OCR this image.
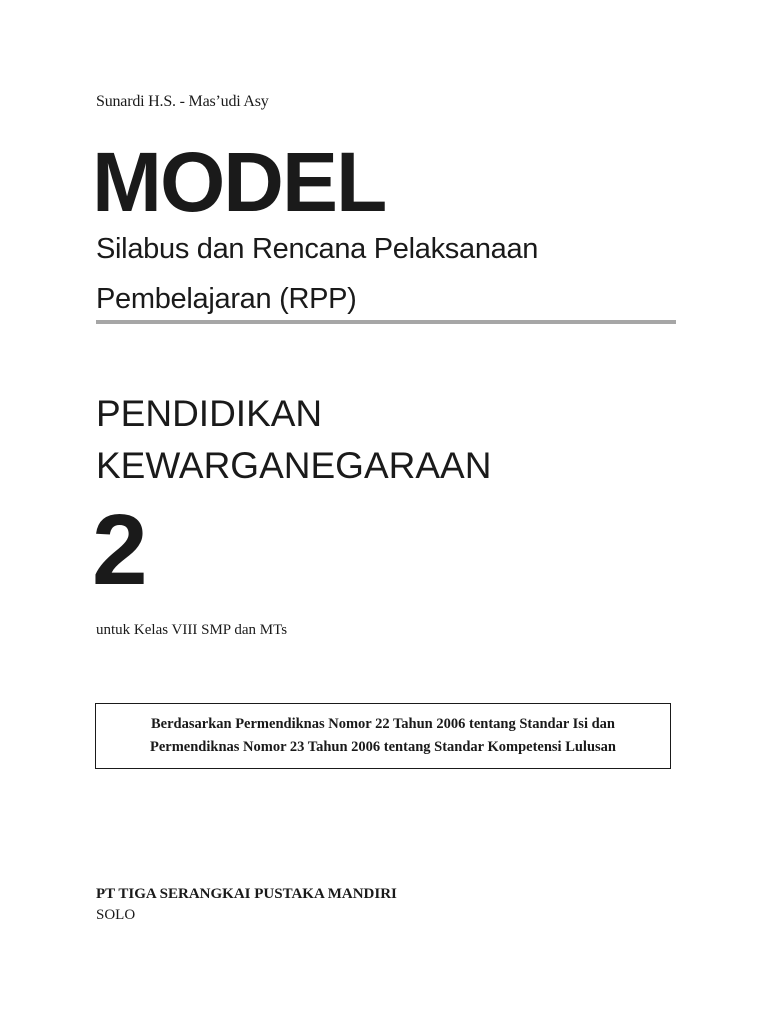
Sunardi H.S. - Mas’udi Asy
MODEL
Silabus dan Rencana Pelaksanaan
Pembelajaran (RPP)
PENDIDIKAN
KEWARGANEGARAAN
2
untuk Kelas VIII SMP dan MTs
Berdasarkan Permendiknas Nomor 22 Tahun 2006 tentang Standar Isi dan
Permendiknas Nomor 23 Tahun 2006 tentang Standar Kompetensi Lulusan
PT TIGA SERANGKAI PUSTAKA MANDIRI
SOLO
